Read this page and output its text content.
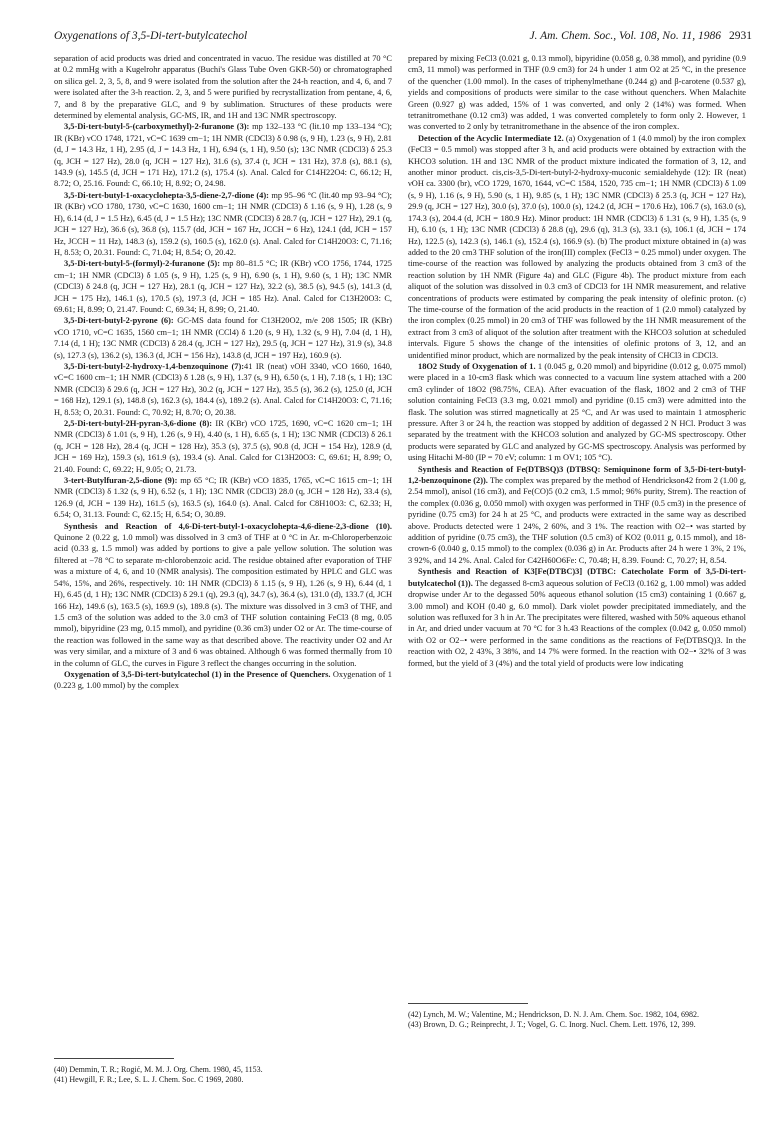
Oxygenations of 3,5-Di-tert-butylcatechol	J. Am. Chem. Soc., Vol. 108, No. 11, 1986 2931

separation of acid products was dried and concentrated in vacuo. The residue was distilled at 70 °C at 0.2 mmHg with a Kugelrohr apparatus (Buchi's Glass Tube Oven GKR-50) or chromatographed on silica gel. 2, 3, 5, 8, and 9 were isolated from the solution after the 24-h reaction, and 4, 6, and 7 were isolated after the 3-h reaction. 2, 3, and 5 were purified by recrystallization from pentane, 4, 6, 7, and 8 by the preparative GLC, and 9 by sublimation. Structures of these products were determined by elemental analysis, GC-MS, IR, and 1H and 13C NMR spectroscopy.

3,5-Di-tert-butyl-5-(carboxymethyl)-2-furanone (3): mp 132–133 °C (lit.10 mp 133–134 °C); IR (KBr) νCO 1748, 1721, νC=C 1639 cm−1; 1H NMR (CDCl3) δ 0.98 (s, 9 H), 1.23 (s, 9 H), 2.81 (d, J = 14.3 Hz, 1 H), 2.95 (d, J = 14.3 Hz, 1 H), 6.94 (s, 1 H), 9.50 (s); 13C NMR (CDCl3) δ 25.3 (q, JCH = 127 Hz), 28.0 (q, JCH = 127 Hz), 31.6 (s), 37.4 (t, JCH = 131 Hz), 37.8 (s), 88.1 (s), 143.9 (s), 145.5 (d, JCH = 171 Hz), 171.2 (s), 175.4 (s). Anal. Calcd for C14H22O4: C, 66.12; H, 8.72; O, 25.16. Found: C, 66.10; H, 8.92; O, 24.98.

3,5-Di-tert-butyl-1-oxacyclohepta-3,5-diene-2,7-dione (4): mp 95–96 °C (lit.40 mp 93–94 °C); IR (KBr) νCO 1780, 1730, νC=C 1630, 1600 cm−1; 1H NMR (CDCl3) δ 1.16 (s, 9 H), 1.28 (s, 9 H), 6.14 (d, J = 1.5 Hz), 6.45 (d, J = 1.5 Hz); 13C NMR (CDCl3) δ 28.7 (q, JCH = 127 Hz), 29.1 (q, JCH = 127 Hz), 36.6 (s), 36.8 (s), 115.7 (dd, JCH = 167 Hz, JCCH = 6 Hz), 124.1 (dd, JCH = 157 Hz, JCCH = 11 Hz), 148.3 (s), 159.2 (s), 160.5 (s), 162.0 (s). Anal. Calcd for C14H20O3: C, 71.16; H, 8.53; O, 20.31. Found: C, 71.04; H, 8.54; O, 20.42.

3,5-Di-tert-butyl-5-(formyl)-2-furanone (5): mp 80–81.5 °C; IR (KBr) νCO 1756, 1744, 1725 cm−1; 1H NMR (CDCl3) δ 1.05 (s, 9 H), 1.25 (s, 9 H), 6.90 (s, 1 H), 9.60 (s, 1 H); 13C NMR (CDCl3) δ 24.8 (q, JCH = 127 Hz), 28.1 (q, JCH = 127 Hz), 32.2 (s), 38.5 (s), 94.5 (s), 141.3 (d, JCH = 175 Hz), 146.1 (s), 170.5 (s), 197.3 (d, JCH = 185 Hz). Anal. Calcd for C13H20O3: C, 69.61; H, 8.99; O, 21.47. Found: C, 69.34; H, 8.99; O, 21.40.

3,5-Di-tert-butyl-2-pyrone (6): GC-MS data found for C13H20O2, m/e 208 1505; IR (KBr) νCO 1710, νC=C 1635, 1560 cm−1; 1H NMR (CCl4) δ 1.20 (s, 9 H), 1.32 (s, 9 H), 7.04 (d, 1 H), 7.14 (d, 1 H); 13C NMR (CDCl3) δ 28.4 (q, JCH = 127 Hz), 29.5 (q, JCH = 127 Hz), 31.9 (s), 34.8 (s), 127.3 (s), 136.2 (s), 136.3 (d, JCH = 156 Hz), 143.8 (d, JCH = 197 Hz), 160.9 (s).

3,5-Di-tert-butyl-2-hydroxy-1,4-benzoquinone (7):41 IR (neat) νOH 3340, νCO 1660, 1640, νC=C 1600 cm−1; 1H NMR (CDCl3) δ 1.28 (s, 9 H), 1.37 (s, 9 H), 6.50 (s, 1 H), 7.18 (s, 1 H); 13C NMR (CDCl3) δ 29.6 (q, JCH = 127 Hz), 30.2 (q, JCH = 127 Hz), 35.5 (s), 36.2 (s), 125.0 (d, JCH = 168 Hz), 129.1 (s), 148.8 (s), 162.3 (s), 184.4 (s), 189.2 (s). Anal. Calcd for C14H20O3: C, 71.16; H, 8.53; O, 20.31. Found: C, 70.92; H, 8.70; O, 20.38.

2,5-Di-tert-butyl-2H-pyran-3,6-dione (8): IR (KBr) νCO 1725, 1690, νC=C 1620 cm−1; 1H NMR (CDCl3) δ 1.01 (s, 9 H), 1.26 (s, 9 H), 4.40 (s, 1 H), 6.65 (s, 1 H); 13C NMR (CDCl3) δ 26.1 (q, JCH = 128 Hz), 28.4 (q, JCH = 128 Hz), 35.3 (s), 37.5 (s), 90.8 (d, JCH = 154 Hz), 128.9 (d, JCH = 169 Hz), 159.3 (s), 161.9 (s), 193.4 (s). Anal. Calcd for C13H20O3: C, 69.61; H, 8.99; O, 21.40. Found: C, 69.22; H, 9.05; O, 21.73.

3-tert-Butylfuran-2,5-dione (9): mp 65 °C; IR (KBr) νCO 1835, 1765, νC=C 1615 cm−1; 1H NMR (CDCl3) δ 1.32 (s, 9 H), 6.52 (s, 1 H); 13C NMR (CDCl3) 28.0 (q, JCH = 128 Hz), 33.4 (s), 126.9 (d, JCH = 139 Hz), 161.5 (s), 163.5 (s), 164.0 (s). Anal. Calcd for C8H10O3: C, 62.33; H, 6.54; O, 31.13. Found: C, 62.15; H, 6.54; O, 30.89.

Synthesis and Reaction of 4,6-Di-tert-butyl-1-oxacyclohepta-4,6-diene-2,3-dione (10). Quinone 2 (0.22 g, 1.0 mmol) was dissolved in 3 cm3 of THF at 0 °C in Ar. m-Chloroperbenzoic acid (0.33 g, 1.5 mmol) was added by portions to give a pale yellow solution. The solution was filtered at −78 °C to separate m-chlorobenzoic acid. The residue obtained after evaporation of THF was a mixture of 4, 6, and 10 (NMR analysis). The composition estimated by HPLC and GLC was 54%, 15%, and 26%, respectively. 10: 1H NMR (CDCl3) δ 1.15 (s, 9 H), 1.26 (s, 9 H), 6.44 (d, 1 H), 6.45 (d, 1 H); 13C NMR (CDCl3) δ 29.1 (q), 29.3 (q), 34.7 (s), 36.4 (s), 131.0 (d), 133.7 (d, JCH 166 Hz), 149.6 (s), 163.5 (s), 169.9 (s), 189.8 (s). The mixture was dissolved in 3 cm3 of THF, and 1.5 cm3 of the solution was added to the 3.0 cm3 of THF solution containing FeCl3 (8 mg, 0.05 mmol), bipyridine (23 mg, 0.15 mmol), and pyridine (0.36 cm3) under O2 or Ar. The time-course of the reaction was followed in the same way as that described above. The reactivity under O2 and Ar was very similar, and a mixture of 3 and 6 was obtained. Although 6 was formed thermally from 10 in the column of GLC, the curves in Figure 3 reflect the changes occurring in the solution.

Oxygenation of 3,5-Di-tert-butylcatechol (1) in the Presence of Quenchers. Oxygenation of 1 (0.223 g, 1.00 mmol) by the complex

prepared by mixing FeCl3 (0.021 g, 0.13 mmol), bipyridine (0.058 g, 0.38 mmol), and pyridine (0.9 cm3, 11 mmol) was performed in THF (0.9 cm3) for 24 h under 1 atm O2 at 25 °C, in the presence of the quencher (1.00 mmol). In the cases of triphenylmethane (0.244 g) and β-carotene (0.537 g), yields and compositions of products were similar to the case without quenchers. When Malachite Green (0.927 g) was added, 15% of 1 was converted, and only 2 (14%) was formed. When tetranitromethane (0.12 cm3) was added, 1 was converted completely to form only 2. However, 1 was converted to 2 only by tetranitromethane in the absence of the iron complex.

Detection of the Acyclic Intermediate 12. (a) Oxygenation of 1 (4.0 mmol) by the iron complex (FeCl3 = 0.5 mmol) was stopped after 3 h, and acid products were obtained by extraction with the KHCO3 solution. 1H and 13C NMR of the product mixture indicated the formation of 3, 12, and another minor product. cis,cis-3,5-Di-tert-butyl-2-hydroxy-muconic semialdehyde (12): IR (neat) νOH ca. 3300 (br), νCO 1729, 1670, 1644, νC=C 1584, 1520, 735 cm−1; 1H NMR (CDCl3) δ 1.09 (s, 9 H), 1.16 (s, 9 H), 5.90 (s, 1 H), 9.85 (s, 1 H); 13C NMR (CDCl3) δ 25.3 (q, JCH = 127 Hz), 29.9 (q, JCH = 127 Hz), 30.0 (s), 37.0 (s), 100.0 (s), 124.2 (d, JCH = 170.6 Hz), 106.7 (s), 163.0 (s), 174.3 (s), 204.4 (d, JCH = 180.9 Hz). Minor product: 1H NMR (CDCl3) δ 1.31 (s, 9 H), 1.35 (s, 9 H), 6.10 (s, 1 H); 13C NMR (CDCl3) δ 28.8 (q), 29.6 (q), 31.3 (s), 33.1 (s), 106.1 (d, JCH = 174 Hz), 122.5 (s), 142.3 (s), 146.1 (s), 152.4 (s), 166.9 (s). (b) The product mixture obtained in (a) was added to the 20 cm3 THF solution of the iron(III) complex (FeCl3 = 0.25 mmol) under oxygen. The time-course of the reaction was followed by analyzing the products obtained from 3 cm3 of the reaction solution by 1H NMR (Figure 4a) and GLC (Figure 4b). The product mixture from each aliquot of the solution was dissolved in 0.3 cm3 of CDCl3 for 1H NMR measurement, and relative concentrations of products were estimated by comparing the peak intensity of olefinic proton. (c) The time-course of the formation of the acid products in the reaction of 1 (2.0 mmol) catalyzed by the iron complex (0.25 mmol) in 20 cm3 of THF was followed by the 1H NMR measurement of the extract from 3 cm3 of aliquot of the solution after treatment with the KHCO3 solution at scheduled intervals. Figure 5 shows the change of the intensities of olefinic protons of 3, 12, and an unidentified minor product, which are normalized by the peak intensity of CHCl3 in CDCl3.

18O2 Study of Oxygenation of 1. 1 (0.045 g, 0.20 mmol) and bipyridine (0.012 g, 0.075 mmol) were placed in a 10-cm3 flask which was connected to a vacuum line system attached with a 200 cm3 cylinder of 18O2 (98.75%, CEA). After evacuation of the flask, 18O2 and 2 cm3 of THF solution containing FeCl3 (3.3 mg, 0.021 mmol) and pyridine (0.15 cm3) were admitted into the flask. The solution was stirred magnetically at 25 °C, and Ar was used to maintain 1 atmospheric pressure. After 3 or 24 h, the reaction was stopped by addition of degassed 2 N HCl. Product 3 was separated by the treatment with the KHCO3 solution and analyzed by GC-MS spectroscopy. Other products were separated by GLC and analyzed by GC-MS spectroscopy. Analysis was performed by using Hitachi M-80 (IP = 70 eV; column: 1 m OV1; 105 °C).

Synthesis and Reaction of Fe(DTBSQ)3 (DTBSQ: Semiquinone form of 3,5-Di-tert-butyl-1,2-benzoquinone (2)). The complex was prepared by the method of Hendrickson42 from 2 (1.00 g, 2.54 mmol), anisol (16 cm3), and Fe(CO)5 (0.2 cm3, 1.5 mmol; 96% purity, Strem). The reaction of the complex (0.036 g, 0.050 mmol) with oxygen was performed in THF (0.5 cm3) in the presence of pyridine (0.75 cm3) for 24 h at 25 °C, and products were extracted in the same way as described above. Products detected were 1 24%, 2 60%, and 3 1%. The reaction with O2−• was started by addition of pyridine (0.75 cm3), the THF solution (0.5 cm3) of KO2 (0.011 g, 0.15 mmol), and 18-crown-6 (0.040 g, 0.15 mmol) to the complex (0.036 g) in Ar. Products after 24 h were 1 3%, 2 1%, 3 92%, and 14 2%. Anal. Calcd for C42H60O6Fe: C, 70.48; H, 8.39. Found: C, 70.27; H, 8.54.

Synthesis and Reaction of K3[Fe(DTBC)3] (DTBC: Catecholate Form of 3,5-Di-tert-butylcatechol (1)). The degassed 8-cm3 aqueous solution of FeCl3 (0.162 g, 1.00 mmol) was added dropwise under Ar to the degassed 50% aqueous ethanol solution (15 cm3) containing 1 (0.667 g, 3.00 mmol) and KOH (0.40 g, 6.0 mmol). Dark violet powder precipitated immediately, and the solution was refluxed for 3 h in Ar. The precipitates were filtered, washed with 50% aqueous ethanol in Ar, and dried under vacuum at 70 °C for 3 h.43 Reactions of the complex (0.042 g, 0.050 mmol) with O2 or O2−• were performed in the same conditions as the reactions of Fe(DTBSQ)3. In the reaction with O2, 2 43%, 3 38%, and 14 7% were formed. In the reaction with O2−• 32% of 3 was formed, but the yield of 3 (4%) and the total yield of products were low indicating

(40) Demmin, T. R.; Rogić, M. M. J. Org. Chem. 1980, 45, 1153.
(41) Hewgill, F. R.; Lee, S. L. J. Chem. Soc. C 1969, 2080.
(42) Lynch, M. W.; Valentine, M.; Hendrickson, D. N. J. Am. Chem. Soc. 1982, 104, 6982.
(43) Brown, D. G.; Reinprecht, J. T.; Vogel, G. C. Inorg. Nucl. Chem. Lett. 1976, 12, 399.
